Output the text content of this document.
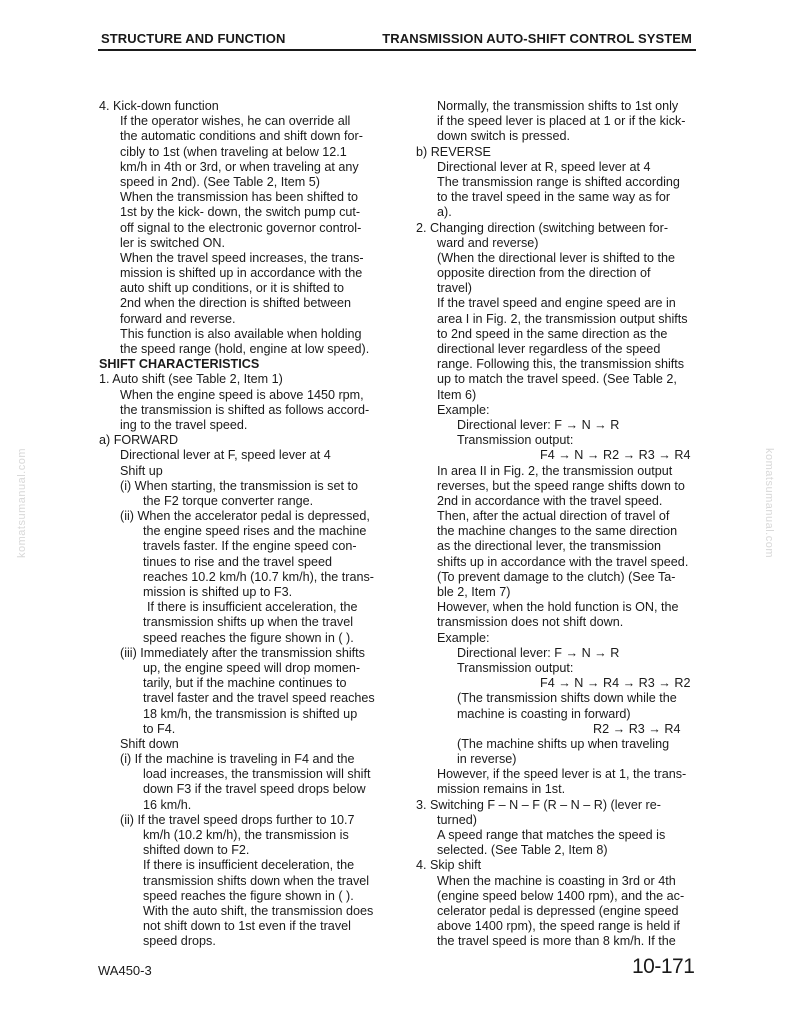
STRUCTURE AND FUNCTION	TRANSMISSION AUTO-SHIFT CONTROL SYSTEM
komatsumanual.com	komatsumanual.com
4. Kick-down function
If the operator wishes, he can override all
the automatic conditions and shift down for-
cibly to 1st (when traveling at below 12.1
km/h in 4th or 3rd, or when traveling at any
speed in 2nd). (See Table 2, Item 5)
When the transmission has been shifted to
1st by the kick- down, the switch pump cut-
off signal to the electronic governor control-
ler is switched ON.
When the travel speed increases, the trans-
mission is shifted up in accordance with the
auto shift up conditions, or it is shifted to
2nd when the direction is shifted between
forward and reverse.
This function is also available when holding
the speed range (hold, engine at low speed).
SHIFT CHARACTERISTICS
1. Auto shift (see Table 2, Item 1)
When the engine speed is above 1450 rpm,
the transmission is shifted as follows accord-
ing to the travel speed.
a) FORWARD
Directional lever at F, speed lever at 4
Shift up
(i) When starting, the transmission is set to
the F2 torque converter range.
(ii) When the accelerator pedal is depressed,
the engine speed rises and the machine
travels faster. If the engine speed con-
tinues to rise and the travel speed
reaches 10.2 km/h (10.7 km/h), the trans-
mission is shifted up to F3.
If there is insufficient acceleration, the
transmission shifts up when the travel
speed reaches the figure shown in ( ).
(iii) Immediately after the transmission shifts
up, the engine speed will drop momen-
tarily, but if the machine continues to
travel faster and the travel speed reaches
18 km/h, the transmission is shifted up
to F4.
Shift down
(i) If the machine is traveling in F4 and the
load increases, the transmission will shift
down F3 if the travel speed drops below
16 km/h.
(ii) If the travel speed drops further to 10.7
km/h (10.2 km/h), the transmission is
shifted down to F2.
If there is insufficient deceleration, the
transmission shifts down when the travel
speed reaches the figure shown in ( ).
With the auto shift, the transmission does
not shift down to 1st even if the travel
speed drops.
Normally, the transmission shifts to 1st only
if the speed lever is placed at 1 or if the kick-
down switch is pressed.
b) REVERSE
Directional lever at R, speed lever at 4
The transmission range is shifted according
to the travel speed in the same way as for
a).
2. Changing direction (switching between for-
ward and reverse)
(When the directional lever is shifted to the
opposite direction from the direction of
travel)
If the travel speed and engine speed are in
area I in Fig. 2, the transmission output shifts
to 2nd speed in the same direction as the
directional lever regardless of the speed
range. Following this, the transmission shifts
up to match the travel speed. (See Table 2,
Item 6)
Example:
Directional lever: F → N → R
Transmission output:
F4 → N → R2 → R3 → R4
In area II in Fig. 2, the transmission output
reverses, but the speed range shifts down to
2nd in accordance with the travel speed.
Then, after the actual direction of travel of
the machine changes to the same direction
as the directional lever, the transmission
shifts up in accordance with the travel speed.
(To prevent damage to the clutch) (See Ta-
ble 2, Item 7)
However, when the hold function is ON, the
transmission does not shift down.
Example:
Directional lever: F → N → R
Transmission output:
F4 → N → R4 → R3 → R2
(The transmission shifts down while the
machine is coasting in forward)
R2 → R3 → R4
(The machine shifts up when traveling
in reverse)
However, if the speed lever is at 1, the trans-
mission remains in 1st.
3. Switching F – N – F (R – N – R) (lever re-
turned)
A speed range that matches the speed is
selected. (See Table 2, Item 8)
4. Skip shift
When the machine is coasting in 3rd or 4th
(engine speed below 1400 rpm), and the ac-
celerator pedal is depressed (engine speed
above 1400 rpm), the speed range is held if
the travel speed is more than 8 km/h. If the
WA450-3	10-171
